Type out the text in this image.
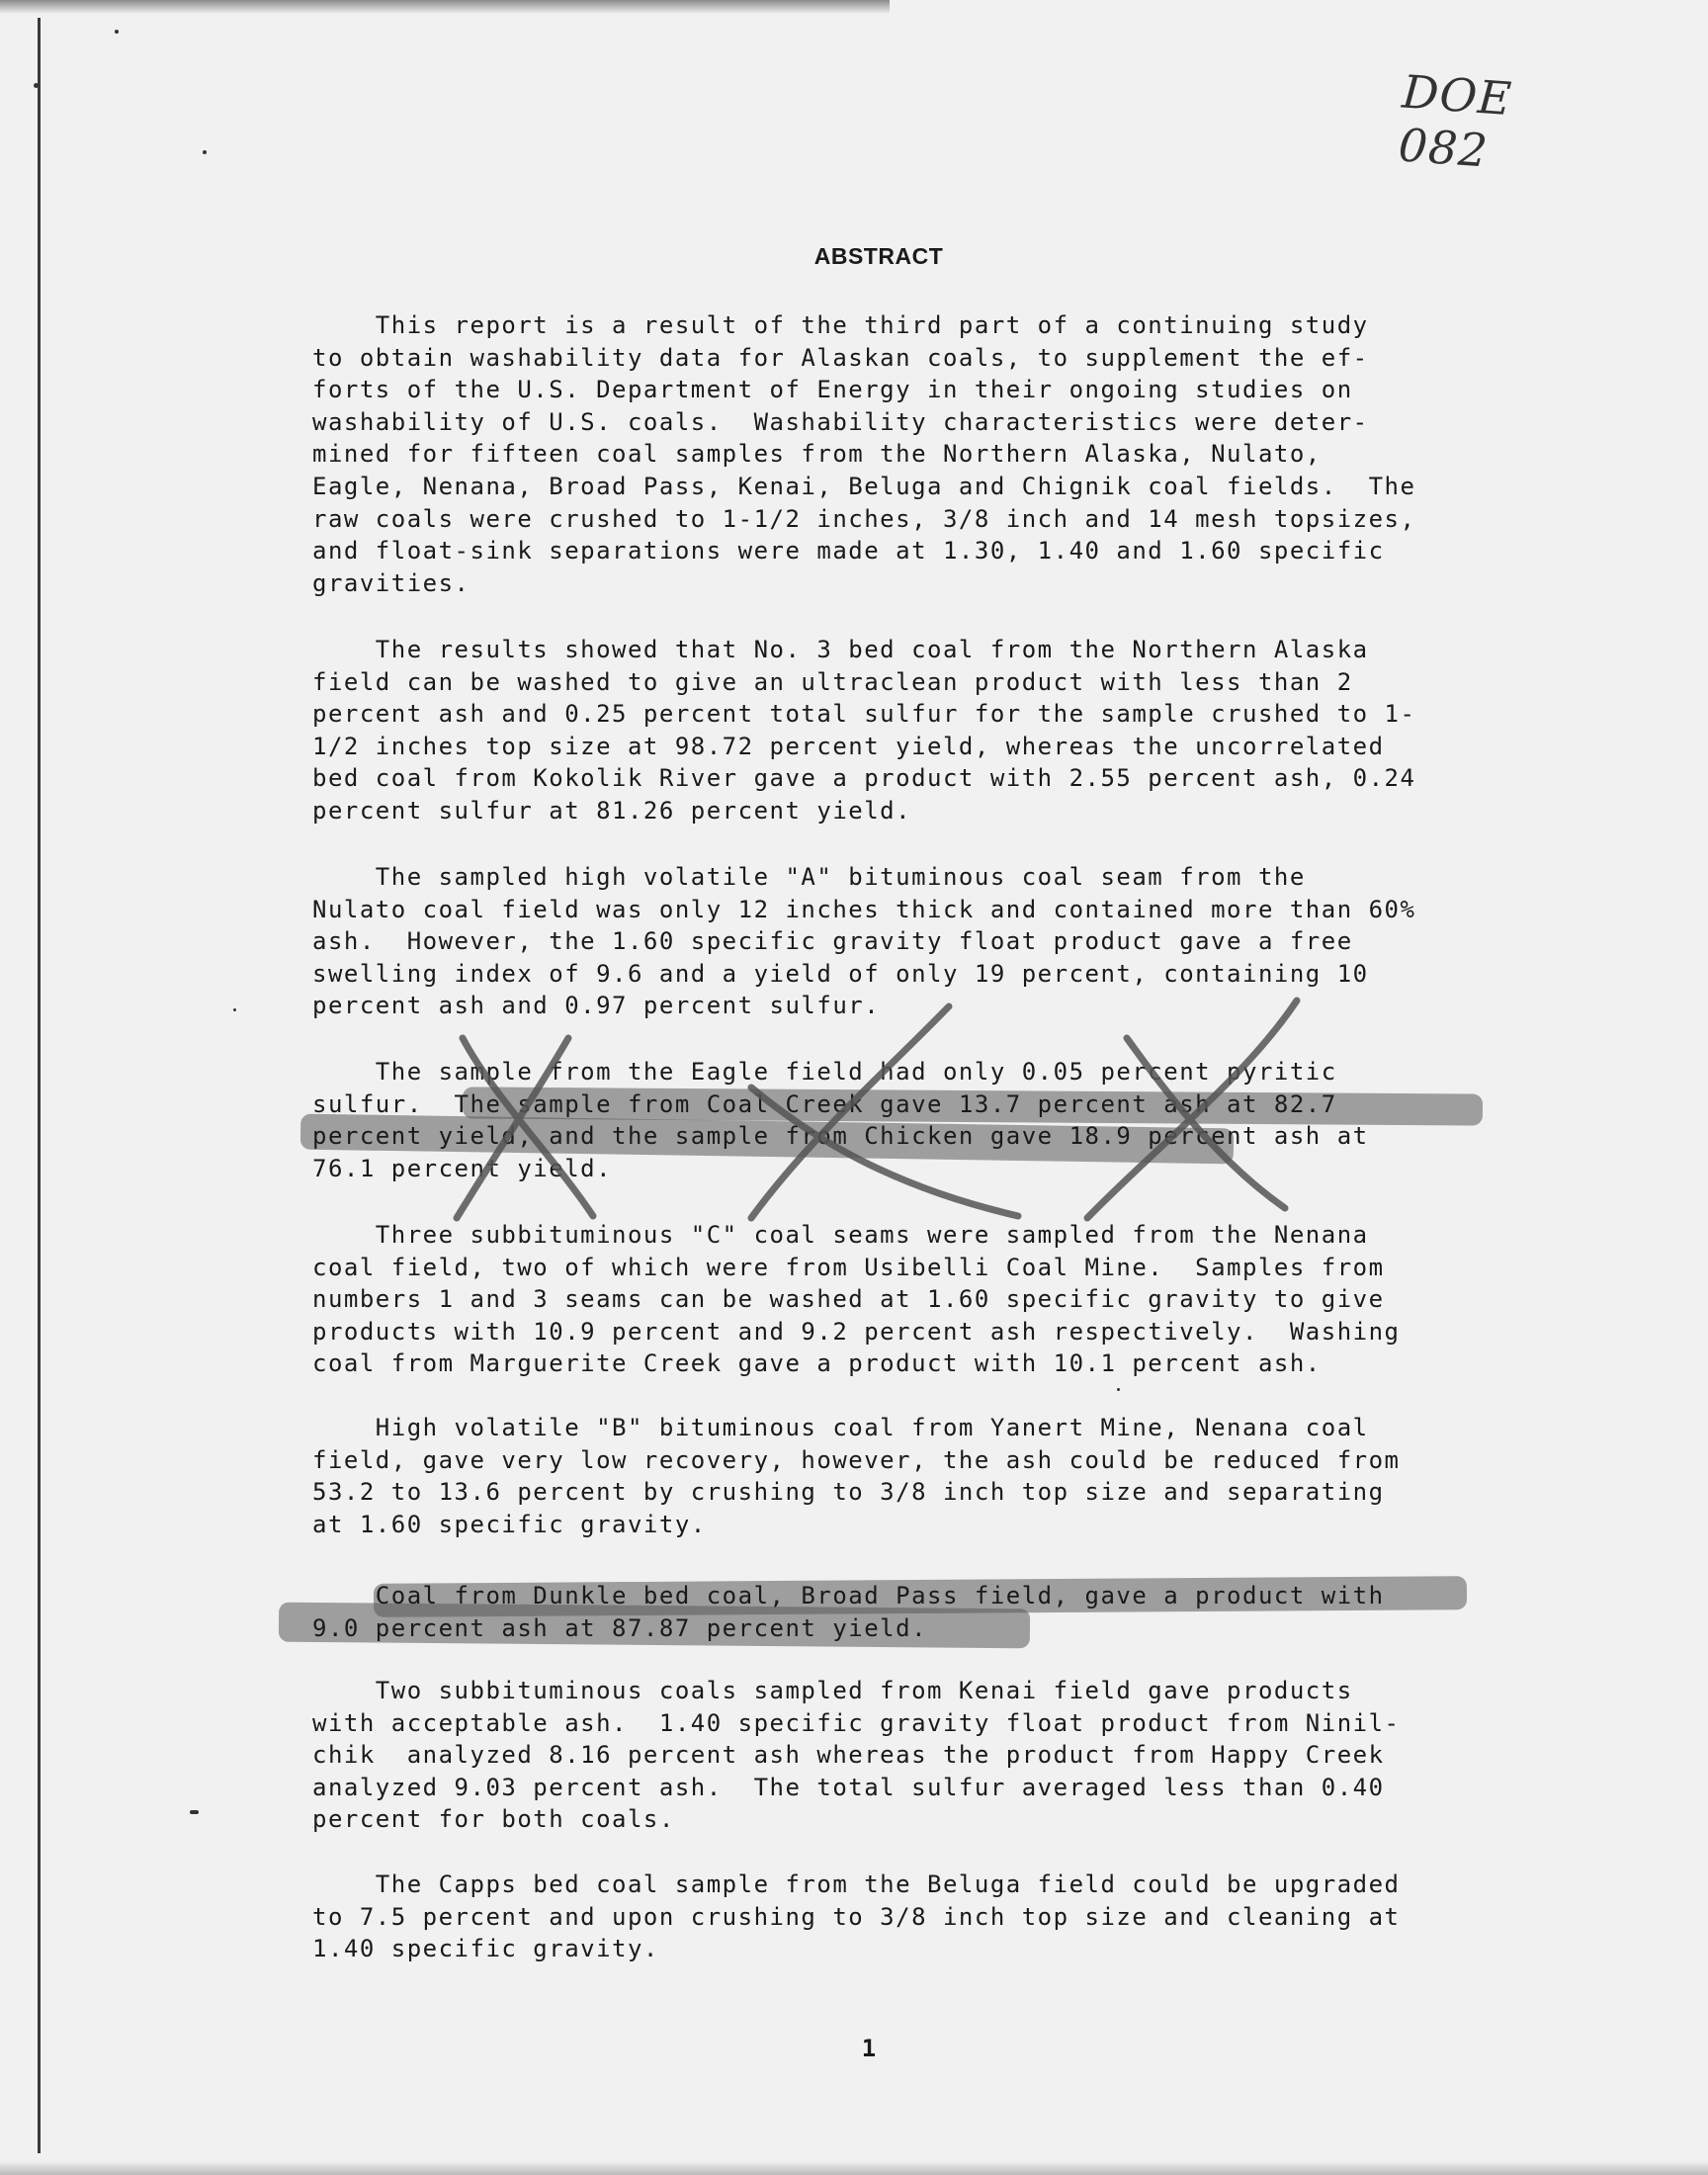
DOE 082
ABSTRACT
This report is a result of the third part of a continuing study
to obtain washability data for Alaskan coals, to supplement the ef-
forts of the U.S. Department of Energy in their ongoing studies on
washability of U.S. coals.  Washability characteristics were deter-
mined for fifteen coal samples from the Northern Alaska, Nulato,
Eagle, Nenana, Broad Pass, Kenai, Beluga and Chignik coal fields.  The
raw coals were crushed to 1-1/2 inches, 3/8 inch and 14 mesh topsizes,
and float-sink separations were made at 1.30, 1.40 and 1.60 specific
gravities.
The results showed that No. 3 bed coal from the Northern Alaska
field can be washed to give an ultraclean product with less than 2
percent ash and 0.25 percent total sulfur for the sample crushed to 1-
1/2 inches top size at 98.72 percent yield, whereas the uncorrelated
bed coal from Kokolik River gave a product with 2.55 percent ash, 0.24
percent sulfur at 81.26 percent yield.
The sampled high volatile "A" bituminous coal seam from the
Nulato coal field was only 12 inches thick and contained more than 60%
ash.  However, the 1.60 specific gravity float product gave a free
swelling index of 9.6 and a yield of only 19 percent, containing 10
percent ash and 0.97 percent sulfur.
The sample from the Eagle field had only 0.05 percent pyritic
sulfur.  The sample from Coal Creek gave 13.7 percent ash at 82.7
percent yield, and the sample from Chicken gave 18.9 percent ash at
76.1 percent yield.
Three subbituminous "C" coal seams were sampled from the Nenana
coal field, two of which were from Usibelli Coal Mine.  Samples from
numbers 1 and 3 seams can be washed at 1.60 specific gravity to give
products with 10.9 percent and 9.2 percent ash respectively.  Washing
coal from Marguerite Creek gave a product with 10.1 percent ash.
High volatile "B" bituminous coal from Yanert Mine, Nenana coal
field, gave very low recovery, however, the ash could be reduced from
53.2 to 13.6 percent by crushing to 3/8 inch top size and separating
at 1.60 specific gravity.
Coal from Dunkle bed coal, Broad Pass field, gave a product with
9.0 percent ash at 87.87 percent yield.
Two subbituminous coals sampled from Kenai field gave products
with acceptable ash.  1.40 specific gravity float product from Ninil-
chik  analyzed 8.16 percent ash whereas the product from Happy Creek
analyzed 9.03 percent ash.  The total sulfur averaged less than 0.40
percent for both coals.
The Capps bed coal sample from the Beluga field could be upgraded
to 7.5 percent and upon crushing to 3/8 inch top size and cleaning at
1.40 specific gravity.
1
